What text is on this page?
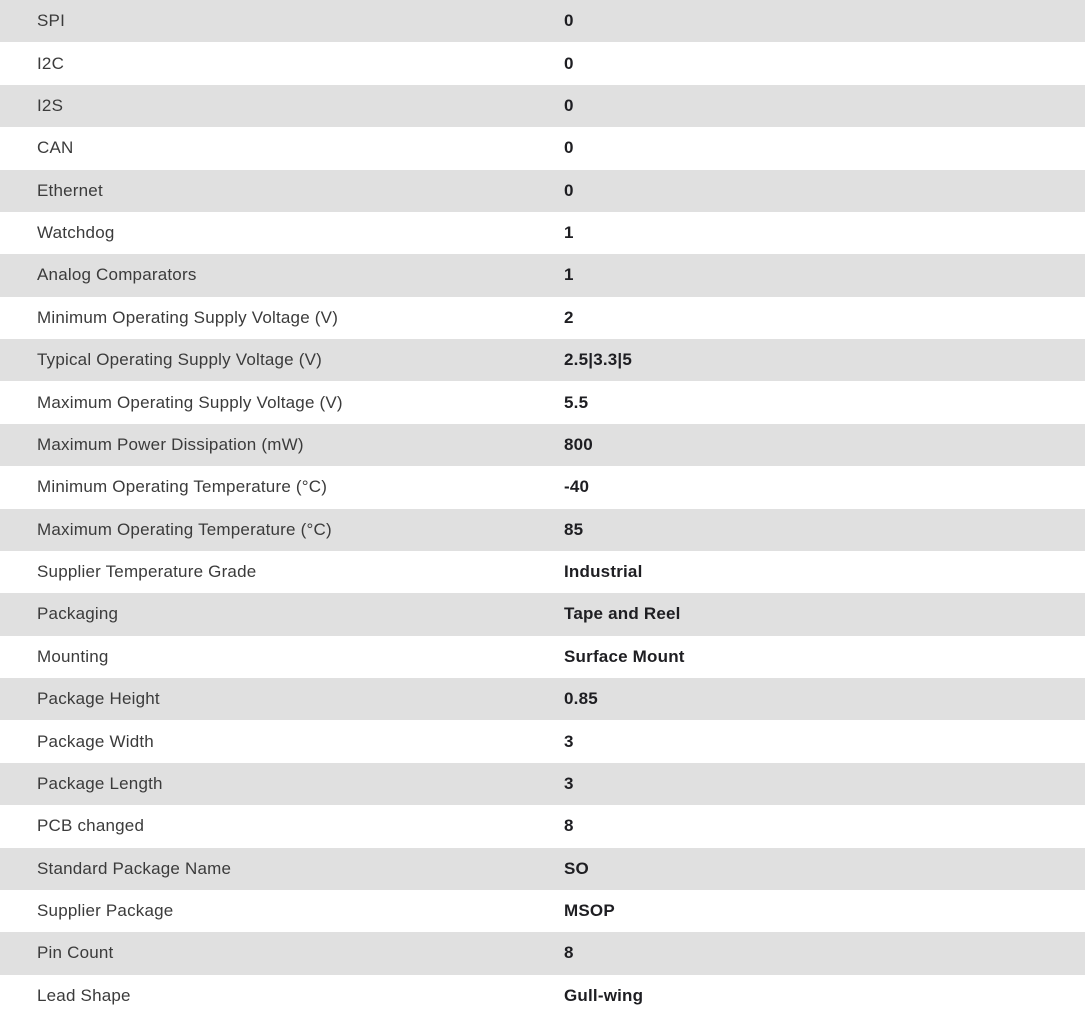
SPI	0
I2C	0
I2S	0
CAN	0
Ethernet	0
Watchdog	1
Analog Comparators	1
Minimum Operating Supply Voltage (V)	2
Typical Operating Supply Voltage (V)	2.5|3.3|5
Maximum Operating Supply Voltage (V)	5.5
Maximum Power Dissipation (mW)	800
Minimum Operating Temperature (°C)	-40
Maximum Operating Temperature (°C)	85
Supplier Temperature Grade	Industrial
Packaging	Tape and Reel
Mounting	Surface Mount
Package Height	0.85
Package Width	3
Package Length	3
PCB changed	8
Standard Package Name	SO
Supplier Package	MSOP
Pin Count	8
Lead Shape	Gull-wing
